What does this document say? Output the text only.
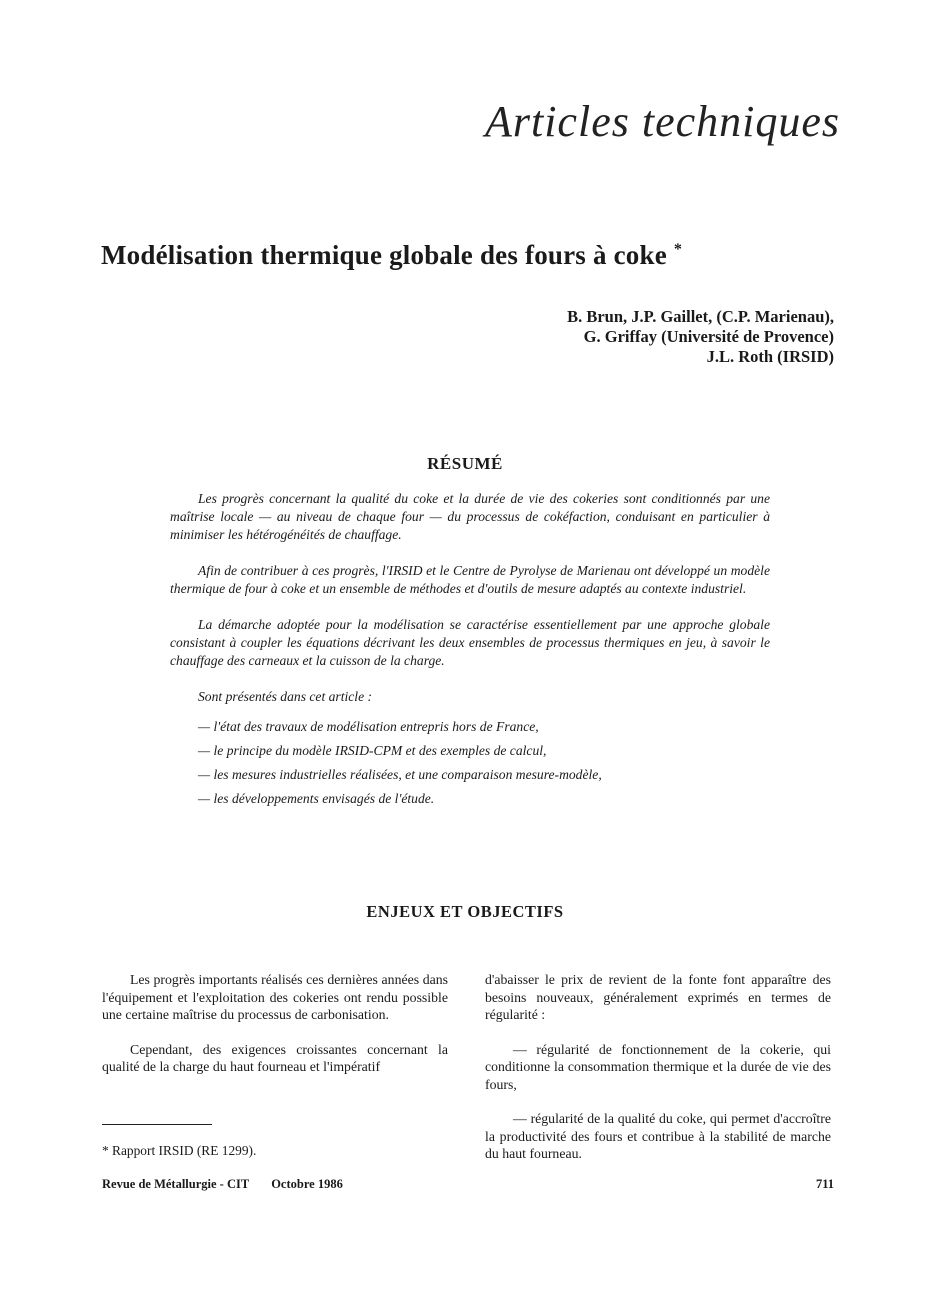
Articles techniques
Modélisation thermique globale des fours à coke *
B. Brun, J.P. Gaillet, (C.P. Marienau),
G. Griffay (Université de Provence)
J.L. Roth (IRSID)
RÉSUMÉ

Les progrès concernant la qualité du coke et la durée de vie des cokeries sont conditionnés par une maîtrise locale — au niveau de chaque four — du processus de cokéfaction, conduisant en particulier à minimiser les hétérogénéités de chauffage.

Afin de contribuer à ces progrès, l'IRSID et le Centre de Pyrolyse de Marienau ont développé un modèle thermique de four à coke et un ensemble de méthodes et d'outils de mesure adaptés au contexte industriel.

La démarche adoptée pour la modélisation se caractérise essentiellement par une approche globale consistant à coupler les équations décrivant les deux ensembles de processus thermiques en jeu, à savoir le chauffage des carneaux et la cuisson de la charge.

Sont présentés dans cet article :

— l'état des travaux de modélisation entrepris hors de France,
— le principe du modèle IRSID-CPM et des exemples de calcul,
— les mesures industrielles réalisées, et une comparaison mesure-modèle,
— les développements envisagés de l'étude.
ENJEUX ET OBJECTIFS

Les progrès importants réalisés ces dernières années dans l'équipement et l'exploitation des cokeries ont rendu possible une certaine maîtrise du processus de carbonisation.

Cependant, des exigences croissantes concernant la qualité de la charge du haut fourneau et l'impératif

d'abaisser le prix de revient de la fonte font apparaître des besoins nouveaux, généralement exprimés en termes de régularité :

— régularité de fonctionnement de la cokerie, qui conditionne la consommation thermique et la durée de vie des fours,

— régularité de la qualité du coke, qui permet d'accroître la productivité des fours et contribue à la stabilité de marche du haut fourneau.

* Rapport IRSID (RE 1299).
Revue de Métallurgie - CIT Octobre 1986	711
